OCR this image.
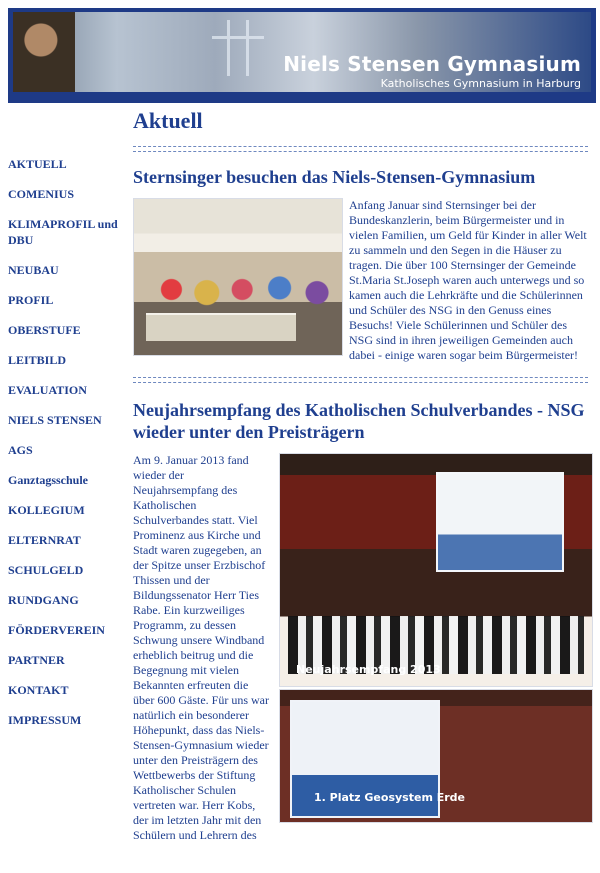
Niels Stensen Gymnasium
Katholisches Gymnasium in Harburg
AKTUELL
COMENIUS
KLIMAPROFIL und DBU
NEUBAU
PROFIL
OBERSTUFE
LEITBILD
EVALUATION
NIELS STENSEN
AGS
Ganztagsschule
KOLLEGIUM
ELTERNRAT
SCHULGELD
RUNDGANG
FÖRDERVEREIN
PARTNER
KONTAKT
IMPRESSUM
Aktuell
Sternsinger besuchen das Niels-Stensen-Gymnasium
Anfang Januar sind Sternsinger bei der Bundeskanzlerin, beim Bürgermeister und in vielen Familien, um Geld für Kinder in aller Welt zu sammeln und den Segen in die Häuser zu tragen. Die über 100 Sternsinger der Gemeinde St.Maria St.Joseph waren auch unterwegs und so kamen auch die Lehrkräfte und die Schülerinnen und Schüler des NSG in den Genuss eines Besuchs! Viele Schülerinnen und Schüler des NSG sind in ihren jeweiligen Gemeinden auch dabei - einige waren sogar beim Bürgermeister!
Neujahrsempfang des Katholischen Schulverbandes - NSG wieder unter den Preisträgern
Am 9. Januar 2013 fand wieder der Neujahrsempfang des Katholischen Schulverbandes statt. Viel Prominenz aus Kirche und Stadt waren zugegeben, an der Spitze unser Erzbischof Thissen und der Bildungssenator Herr Ties Rabe. Ein kurzweiliges Programm, zu dessen Schwung unsere Windband erheblich beitrug und die Begegnung mit vielen Bekannten erfreuten die über 600 Gäste. Für uns war natürlich ein besonderer Höhepunkt, dass das Niels-Stensen-Gymnasium wieder unter den Preisträgern des Wettbewerbs der Stiftung Katholischer Schulen vertreten war. Herr Kobs, der im letzten Jahr mit den Schülern und Lehrern des
Neujahrsempfang 2013
1. Platz Geosystem Erde
